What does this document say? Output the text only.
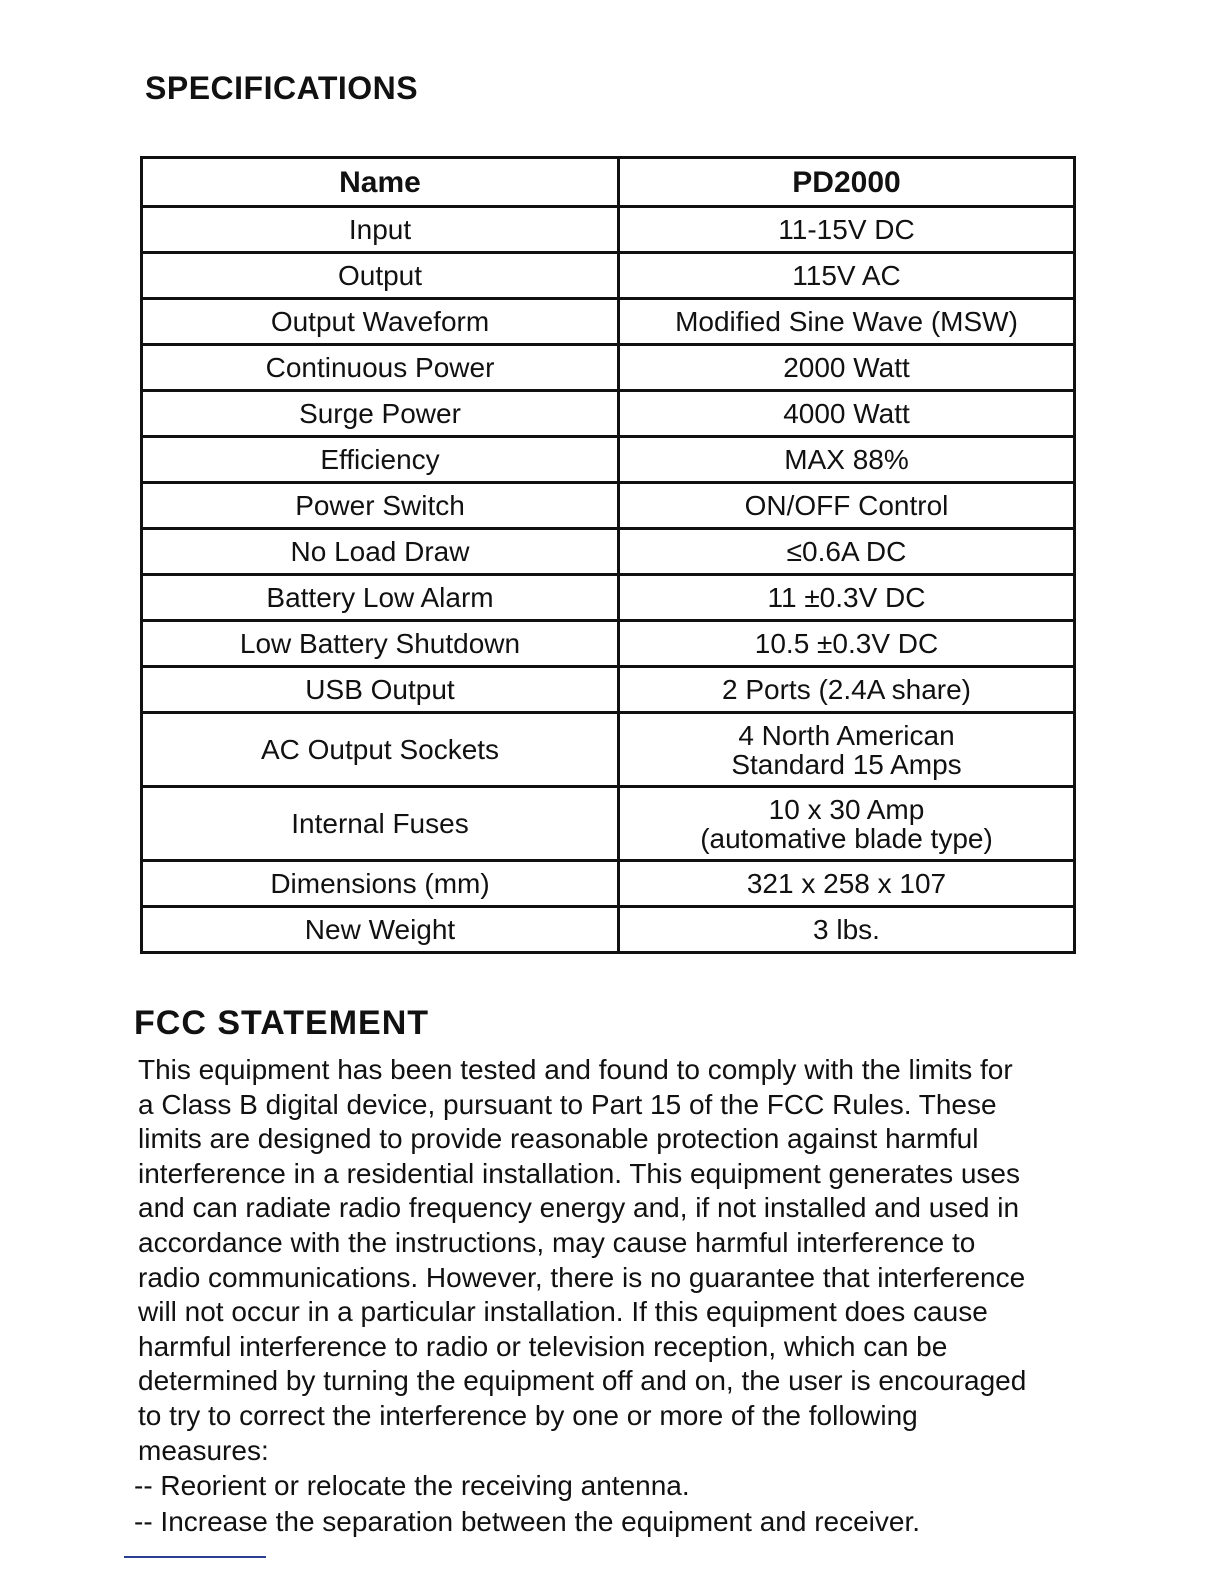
SPECIFICATIONS
Name	PD2000
Input	11-15V DC
Output	115V AC
Output Waveform	Modified Sine Wave (MSW)
Continuous Power	2000 Watt
Surge Power	4000 Watt
Efficiency	MAX 88%
Power Switch	ON/OFF Control
No Load Draw	≤0.6A DC
Battery Low Alarm	11 ±0.3V DC
Low Battery Shutdown	10.5 ±0.3V DC
USB Output	2 Ports (2.4A share)
AC Output Sockets	4 North American
Standard 15 Amps
Internal Fuses	10 x 30 Amp
(automative blade type)
Dimensions (mm)	321 x 258 x 107
New Weight	3 lbs.
FCC STATEMENT

This equipment has been tested and found to comply with the limits for
a Class B digital device, pursuant to Part 15 of the FCC Rules. These
limits are designed to provide reasonable protection against harmful
interference in a residential installation. This equipment generates uses
and can radiate radio frequency energy and, if not installed and used in
accordance with the instructions, may cause harmful interference to
radio communications. However, there is no guarantee that interference
will not occur in a particular installation. If this equipment does cause
harmful interference to radio or television reception, which can be
determined by turning the equipment off and on, the user is encouraged
to try to correct the interference by one or more of the following
measures:

-- Reorient or relocate the receiving antenna.
-- Increase the separation between the equipment and receiver.
